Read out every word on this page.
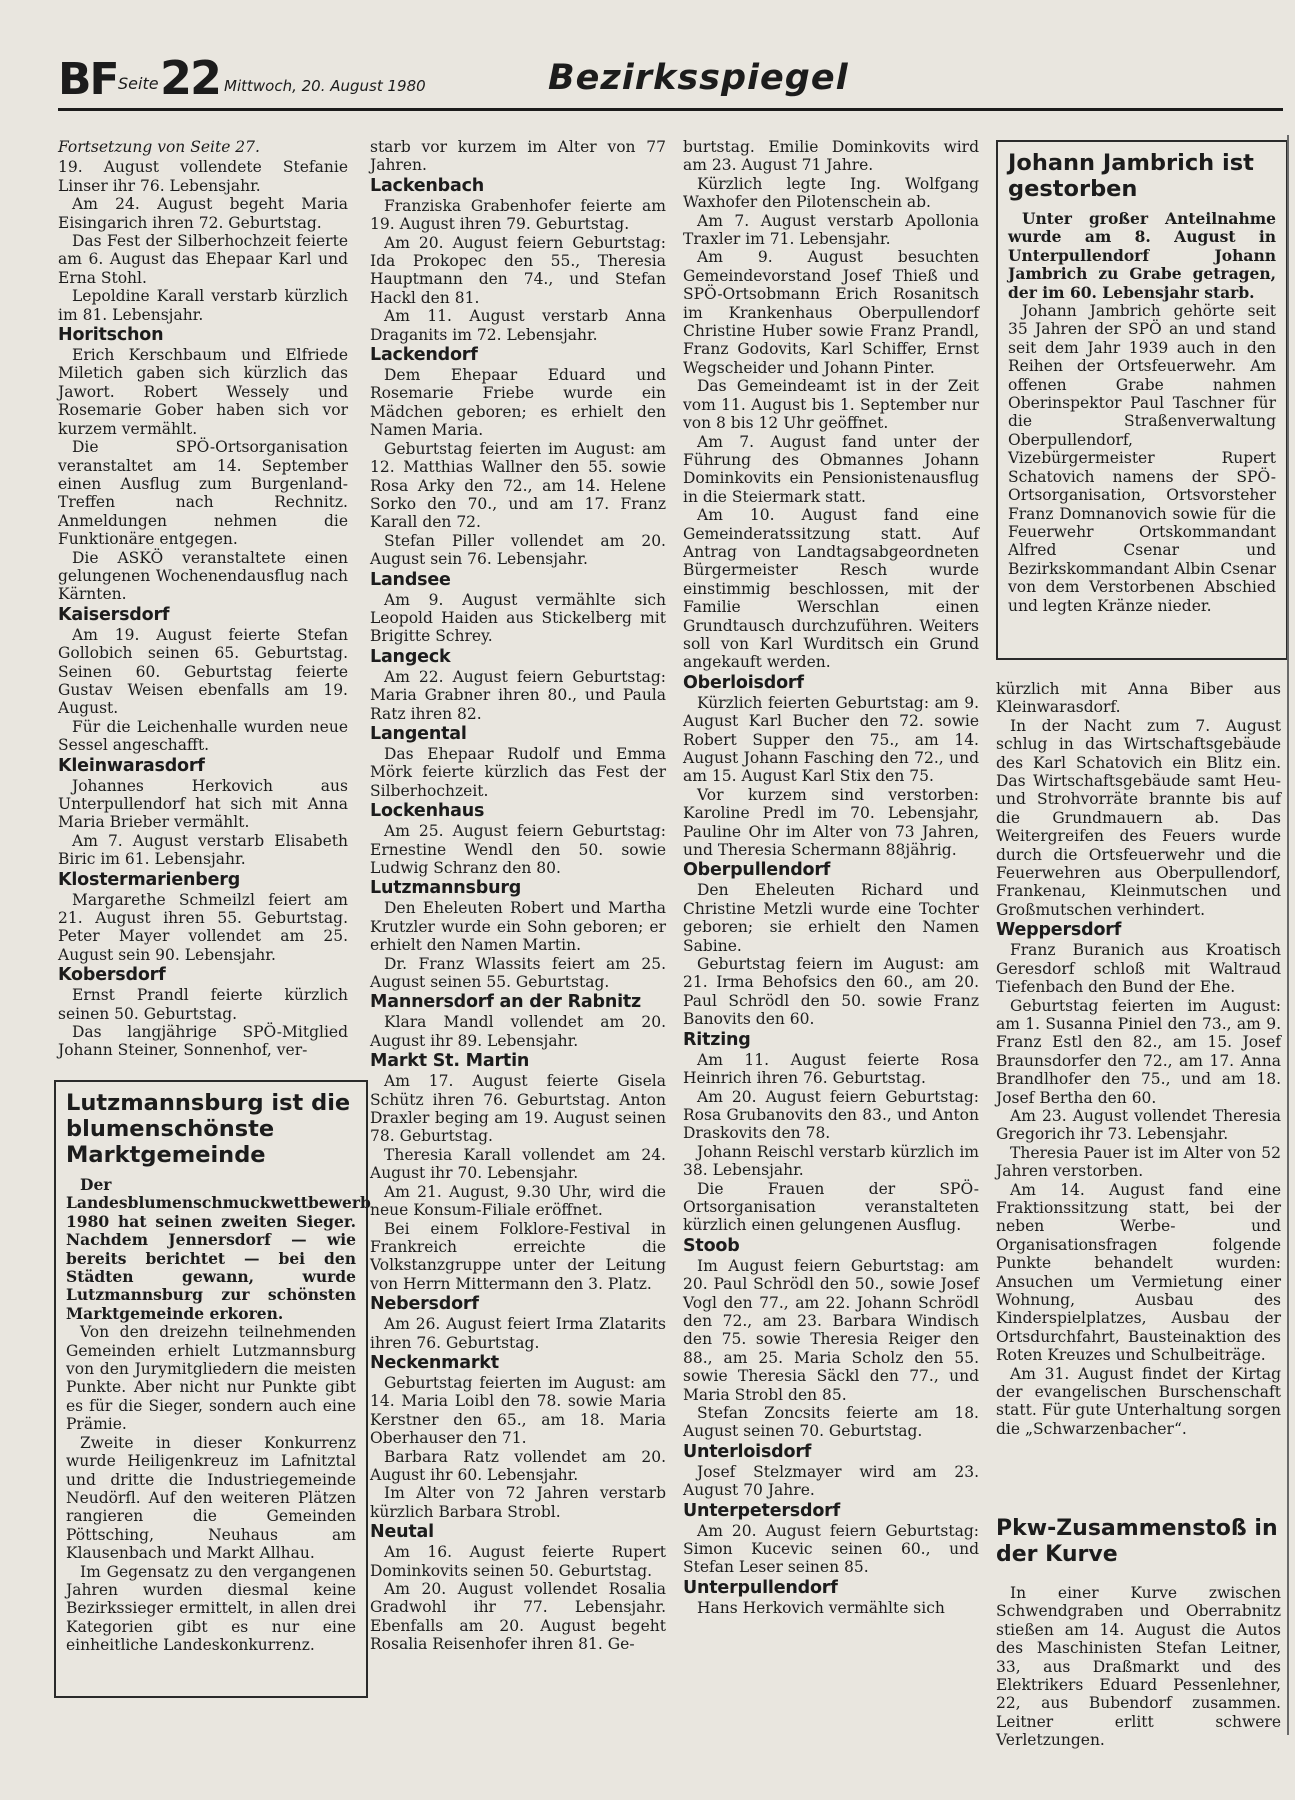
BF Seite 22 Mittwoch, 20. August 1980	Bezirksspiegel

Fortsetzung von Seite 27.

19. August vollendete Stefanie Linser ihr 76. Lebensjahr.

Am 24. August begeht Maria Eisingarich ihren 72. Geburtstag.

Das Fest der Silberhochzeit feierte am 6. August das Ehepaar Karl und Erna Stohl.

Lepoldine Karall verstarb kürzlich im 81. Lebensjahr.

Horitschon

Erich Kerschbaum und Elfriede Miletich gaben sich kürzlich das Jawort. Robert Wessely und Rosemarie Gober haben sich vor kurzem vermählt.

Die SPÖ-Ortsorganisation veranstaltet am 14. September einen Ausflug zum Burgenland-Treffen nach Rechnitz. Anmeldungen nehmen die Funktionäre entgegen.

Die ASKÖ veranstaltete einen gelungenen Wochenendausflug nach Kärnten.

Kaisersdorf

Am 19. August feierte Stefan Gollobich seinen 65. Geburtstag. Seinen 60. Geburtstag feierte Gustav Weisen ebenfalls am 19. August.

Für die Leichenhalle wurden neue Sessel angeschafft.

Kleinwarasdorf

Johannes Herkovich aus Unterpullendorf hat sich mit Anna Maria Brieber vermählt.

Am 7. August verstarb Elisabeth Biric im 61. Lebensjahr.

Klostermarienberg

Margarethe Schmeilzl feiert am 21. August ihren 55. Geburtstag. Peter Mayer vollendet am 25. August sein 90. Lebensjahr.

Kobersdorf

Ernst Prandl feierte kürzlich seinen 50. Geburtstag.

Das langjährige SPÖ-Mitglied Johann Steiner, Sonnenhof, ver-

Lutzmannsburg ist die blumenschönste Marktgemeinde

Der Landesblumenschmuckwettbewerb 1980 hat seinen zweiten Sieger. Nachdem Jennersdorf — wie bereits berichtet — bei den Städten gewann, wurde Lutzmannsburg zur schönsten Marktgemeinde erkoren.

Von den dreizehn teilnehmenden Gemeinden erhielt Lutzmannsburg von den Jurymitgliedern die meisten Punkte. Aber nicht nur Punkte gibt es für die Sieger, sondern auch eine Prämie.

Zweite in dieser Konkurrenz wurde Heiligenkreuz im Lafnitztal und dritte die Industriegemeinde Neudörfl. Auf den weiteren Plätzen rangieren die Gemeinden Pöttsching, Neuhaus am Klausenbach und Markt Allhau.

Im Gegensatz zu den vergangenen Jahren wurden diesmal keine Bezirkssieger ermittelt, in allen drei Kategorien gibt es nur eine einheitliche Landeskonkurrenz.

starb vor kurzem im Alter von 77 Jahren.

Lackenbach

Franziska Grabenhofer feierte am 19. August ihren 79. Geburtstag.

Am 20. August feiern Geburtstag: Ida Prokopec den 55., Theresia Hauptmann den 74., und Stefan Hackl den 81.

Am 11. August verstarb Anna Draganits im 72. Lebensjahr.

Lackendorf

Dem Ehepaar Eduard und Rosemarie Friebe wurde ein Mädchen geboren; es erhielt den Namen Maria.

Geburtstag feierten im August: am 12. Matthias Wallner den 55. sowie Rosa Arky den 72., am 14. Helene Sorko den 70., und am 17. Franz Karall den 72.

Stefan Piller vollendet am 20. August sein 76. Lebensjahr.

Landsee

Am 9. August vermählte sich Leopold Haiden aus Stickelberg mit Brigitte Schrey.

Langeck

Am 22. August feiern Geburtstag: Maria Grabner ihren 80., und Paula Ratz ihren 82.

Langental

Das Ehepaar Rudolf und Emma Mörk feierte kürzlich das Fest der Silberhochzeit.

Lockenhaus

Am 25. August feiern Geburtstag: Ernestine Wendl den 50. sowie Ludwig Schranz den 80.

Lutzmannsburg

Den Eheleuten Robert und Martha Krutzler wurde ein Sohn geboren; er erhielt den Namen Martin.

Dr. Franz Wlassits feiert am 25. August seinen 55. Geburtstag.

Mannersdorf an der Rabnitz

Klara Mandl vollendet am 20. August ihr 89. Lebensjahr.

Markt St. Martin

Am 17. August feierte Gisela Schütz ihren 76. Geburtstag. Anton Draxler beging am 19. August seinen 78. Geburtstag.

Theresia Karall vollendet am 24. August ihr 70. Lebensjahr.

Am 21. August, 9.30 Uhr, wird die neue Konsum-Filiale eröffnet.

Bei einem Folklore-Festival in Frankreich erreichte die Volkstanzgruppe unter der Leitung von Herrn Mittermann den 3. Platz.

Nebersdorf

Am 26. August feiert Irma Zlatarits ihren 76. Geburtstag.

Neckenmarkt

Geburtstag feierten im August: am 14. Maria Loibl den 78. sowie Maria Kerstner den 65., am 18. Maria Oberhauser den 71.

Barbara Ratz vollendet am 20. August ihr 60. Lebensjahr.

Im Alter von 72 Jahren verstarb kürzlich Barbara Strobl.

Neutal

Am 16. August feierte Rupert Dominkovits seinen 50. Geburtstag.

Am 20. August vollendet Rosalia Gradwohl ihr 77. Lebensjahr. Ebenfalls am 20. August begeht Rosalia Reisenhofer ihren 81. Ge-

burtstag. Emilie Dominkovits wird am 23. August 71 Jahre.

Kürzlich legte Ing. Wolfgang Waxhofer den Pilotenschein ab.

Am 7. August verstarb Apollonia Traxler im 71. Lebensjahr.

Am 9. August besuchten Gemeindevorstand Josef Thieß und SPÖ-Ortsobmann Erich Rosanitsch im Krankenhaus Oberpullendorf Christine Huber sowie Franz Prandl, Franz Godovits, Karl Schiffer, Ernst Wegscheider und Johann Pinter.

Das Gemeindeamt ist in der Zeit vom 11. August bis 1. September nur von 8 bis 12 Uhr geöffnet.

Am 7. August fand unter der Führung des Obmannes Johann Dominkovits ein Pensionistenausflug in die Steiermark statt.

Am 10. August fand eine Gemeinderatssitzung statt. Auf Antrag von Landtagsabgeordneten Bürgermeister Resch wurde einstimmig beschlossen, mit der Familie Werschlan einen Grundtausch durchzuführen. Weiters soll von Karl Wurditsch ein Grund angekauft werden.

Oberloisdorf

Kürzlich feierten Geburtstag: am 9. August Karl Bucher den 72. sowie Robert Supper den 75., am 14. August Johann Fasching den 72., und am 15. August Karl Stix den 75.

Vor kurzem sind verstorben: Karoline Predl im 70. Lebensjahr, Pauline Ohr im Alter von 73 Jahren, und Theresia Schermann 88jährig.

Oberpullendorf

Den Eheleuten Richard und Christine Metzli wurde eine Tochter geboren; sie erhielt den Namen Sabine.

Geburtstag feiern im August: am 21. Irma Behofsics den 60., am 20. Paul Schrödl den 50. sowie Franz Banovits den 60.

Ritzing

Am 11. August feierte Rosa Heinrich ihren 76. Geburtstag.

Am 20. August feiern Geburtstag: Rosa Grubanovits den 83., und Anton Draskovits den 78.

Johann Reischl verstarb kürzlich im 38. Lebensjahr.

Die Frauen der SPÖ-Ortsorganisation veranstalteten kürzlich einen gelungenen Ausflug.

Stoob

Im August feiern Geburtstag: am 20. Paul Schrödl den 50., sowie Josef Vogl den 77., am 22. Johann Schrödl den 72., am 23. Barbara Windisch den 75. sowie Theresia Reiger den 88., am 25. Maria Scholz den 55. sowie Theresia Säckl den 77., und Maria Strobl den 85.

Stefan Zoncsits feierte am 18. August seinen 70. Geburtstag.

Unterloisdorf

Josef Stelzmayer wird am 23. August 70 Jahre.

Unterpetersdorf

Am 20. August feiern Geburtstag: Simon Kucevic seinen 60., und Stefan Leser seinen 85.

Unterpullendorf

Hans Herkovich vermählte sich

Johann Jambrich ist gestorben

Unter großer Anteilnahme wurde am 8. August in Unterpullendorf Johann Jambrich zu Grabe getragen, der im 60. Lebensjahr starb.

Johann Jambrich gehörte seit 35 Jahren der SPÖ an und stand seit dem Jahr 1939 auch in den Reihen der Ortsfeuerwehr. Am offenen Grabe nahmen Oberinspektor Paul Taschner für die Straßenverwaltung Oberpullendorf, Vizebürgermeister Rupert Schatovich namens der SPÖ-Ortsorganisation, Ortsvorsteher Franz Domnanovich sowie für die Feuerwehr Ortskommandant Alfred Csenar und Bezirkskommandant Albin Csenar von dem Verstorbenen Abschied und legten Kränze nieder.

kürzlich mit Anna Biber aus Kleinwarasdorf.

In der Nacht zum 7. August schlug in das Wirtschaftsgebäude des Karl Schatovich ein Blitz ein. Das Wirtschaftsgebäude samt Heu- und Strohvorräte brannte bis auf die Grundmauern ab. Das Weitergreifen des Feuers wurde durch die Ortsfeuerwehr und die Feuerwehren aus Oberpullendorf, Frankenau, Kleinmutschen und Großmutschen verhindert.

Weppersdorf

Franz Buranich aus Kroatisch Geresdorf schloß mit Waltraud Tiefenbach den Bund der Ehe.

Geburtstag feierten im August: am 1. Susanna Piniel den 73., am 9. Franz Estl den 82., am 15. Josef Braunsdorfer den 72., am 17. Anna Brandlhofer den 75., und am 18. Josef Bertha den 60.

Am 23. August vollendet Theresia Gregorich ihr 73. Lebensjahr.

Theresia Pauer ist im Alter von 52 Jahren verstorben.

Am 14. August fand eine Fraktionssitzung statt, bei der neben Werbe- und Organisationsfragen folgende Punkte behandelt wurden: Ansuchen um Vermietung einer Wohnung, Ausbau des Kinderspielplatzes, Ausbau der Ortsdurchfahrt, Bausteinaktion des Roten Kreuzes und Schulbeiträge.

Am 31. August findet der Kirtag der evangelischen Burschenschaft statt. Für gute Unterhaltung sorgen die „Schwarzenbacher“.

Pkw-Zusammenstoß in der Kurve

In einer Kurve zwischen Schwendgraben und Oberrabnitz stießen am 14. August die Autos des Maschinisten Stefan Leitner, 33, aus Draßmarkt und des Elektrikers Eduard Pessenlehner, 22, aus Bubendorf zusammen. Leitner erlitt schwere Verletzungen.
